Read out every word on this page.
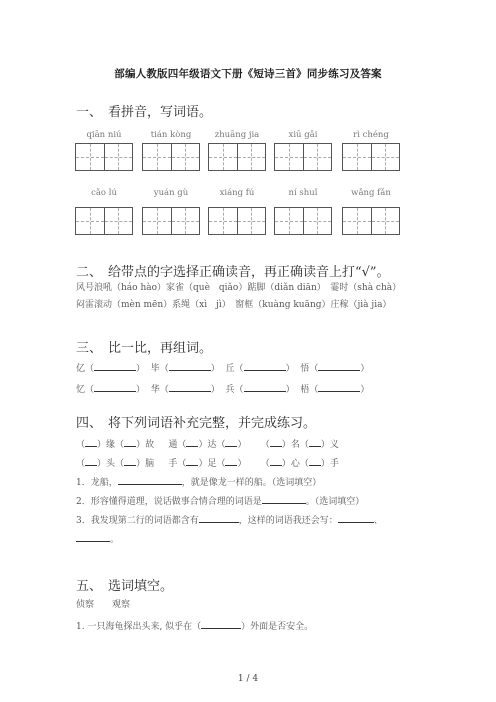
部编人教版四年级语文下册《短诗三首》同步练习及答案
一、 看拼音，写词语。
qiān niú	tián kòng	zhuāng jia	xiū gǎi	rì chéng
cǎo lú	yuán gù	xiáng fú	ní shuǐ	wǎng fǎn
二、 给带点的字选择正确读音，再正确读音上打“√”。
风号浪吼（háo hào）家雀（què　qiǎo）踮脚（diǎn diān）　霎时（shà chà）
闷雷滚动（mèn mēn）系绳（xì　jì）　窗框（kuàng kuāng）庄稼（jià jia）
三、 比一比，再组词。
亿（	）  毕（	）  丘（	）  悟（	）
忆（	）  华（	）  兵（	）  梧（	）
四、 将下列词语补充完整，并完成练习。
（ ）缘（ ）故 通（ ）达（ ）     （ ）名（ ）义
（ ）头（ ）脑 手（ ）足（ ）     （ ）心（ ）手
1．龙船，	，就是像龙一样的船。（选词填空）
2．形容懂得道理，说话做事合情合理的词语是	。（选词填空）
3．我发现第二行的词语都含有	，这样的词语我还会写：	、
。
五、 选词填空。
侦察　　观察
1. 一只海龟探出头来, 似乎在（	）外面是否安全。
1 / 4
